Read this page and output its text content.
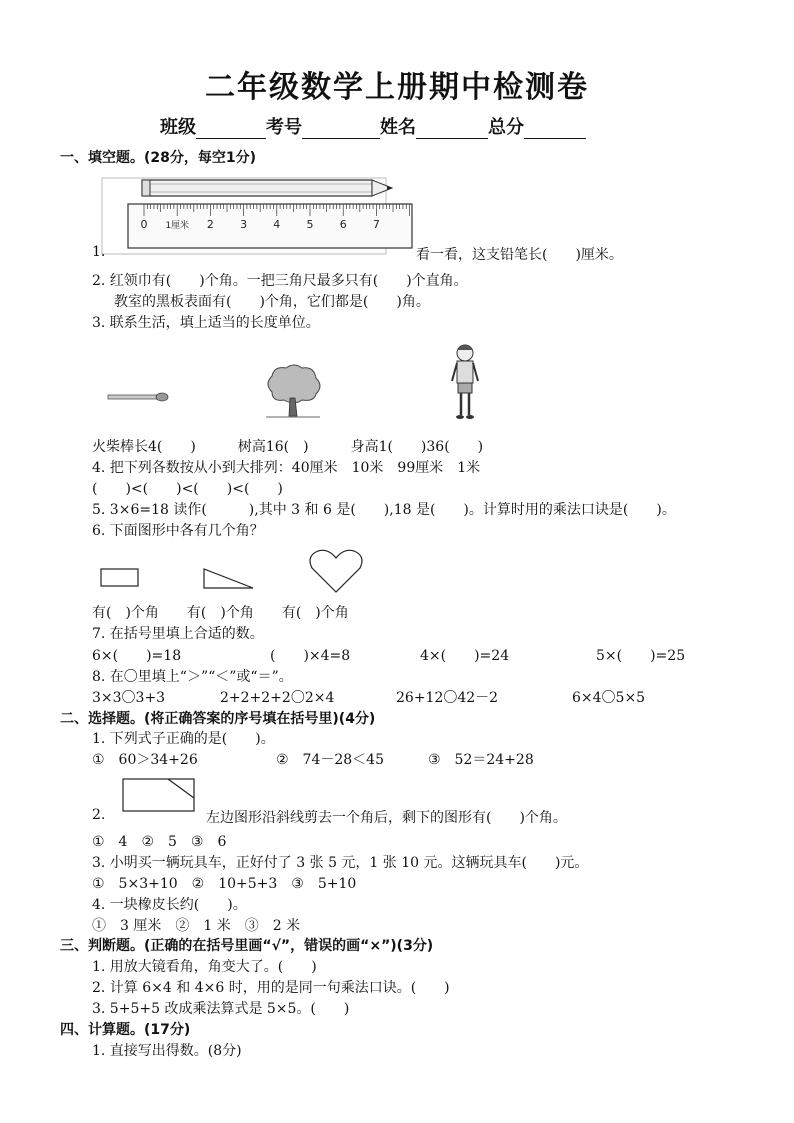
二年级数学上册期中检测卷
班级	考号	姓名	总分
一、填空题。(28分，每空1分)
0 1厘米 2 3 4 5 6 7
1.	看一看，这支铅笔长(　　)厘米。
2. 红领巾有(　　)个角。一把三角尺最多只有(　　)个直角。
教室的黑板表面有(　　)个角，它们都是(　　)角。
3. 联系生活，填上适当的长度单位。
火柴棒长4(　　)　　　树高16(　)　　　身高1(　　)36(　　)
4. 把下列各数按从小到大排列：40厘米　10米　99厘米　1米
(　　)<(　　)<(　　)<(　　)
5. 3×6=18 读作(　　　),其中 3 和 6 是(　　),18 是(　　)。计算时用的乘法口诀是(　　)。
6. 下面图形中各有几个角？
有(　)个角　　有(　)个角　　有(　)个角
7. 在括号里填上合适的数。
6×(　　)=18	(　　)×4=8	4×(　　)=24	5×(　　)=25
8. 在〇里填上“＞”“＜”或“＝”。
3×3〇3+3	2+2+2+2〇2×4	26+12〇42－2	6×4〇5×5
二、选择题。(将正确答案的序号填在括号里)(4分)
1. 下列式子正确的是(　　)。
①　60＞34+26	②　74－28＜45	③　52＝24+28
2.	左边图形沿斜线剪去一个角后，剩下的图形有(　　)个角。
①　4　②　5　③　6
3. 小明买一辆玩具车，正好付了 3 张 5 元，1 张 10 元。这辆玩具车(　　)元。
①　5×3+10　②　10+5+3　③　5+10
4. 一块橡皮长约(　　)。
①　3 厘米　②　1 米　③　2 米
三、判断题。(正确的在括号里画“√”，错误的画“×”)(3分)
1. 用放大镜看角，角变大了。(　　)
2. 计算 6×4 和 4×6 时，用的是同一句乘法口诀。(　　)
3. 5+5+5 改成乘法算式是 5×5。(　　)
四、计算题。(17分)
1. 直接写出得数。(8分)
